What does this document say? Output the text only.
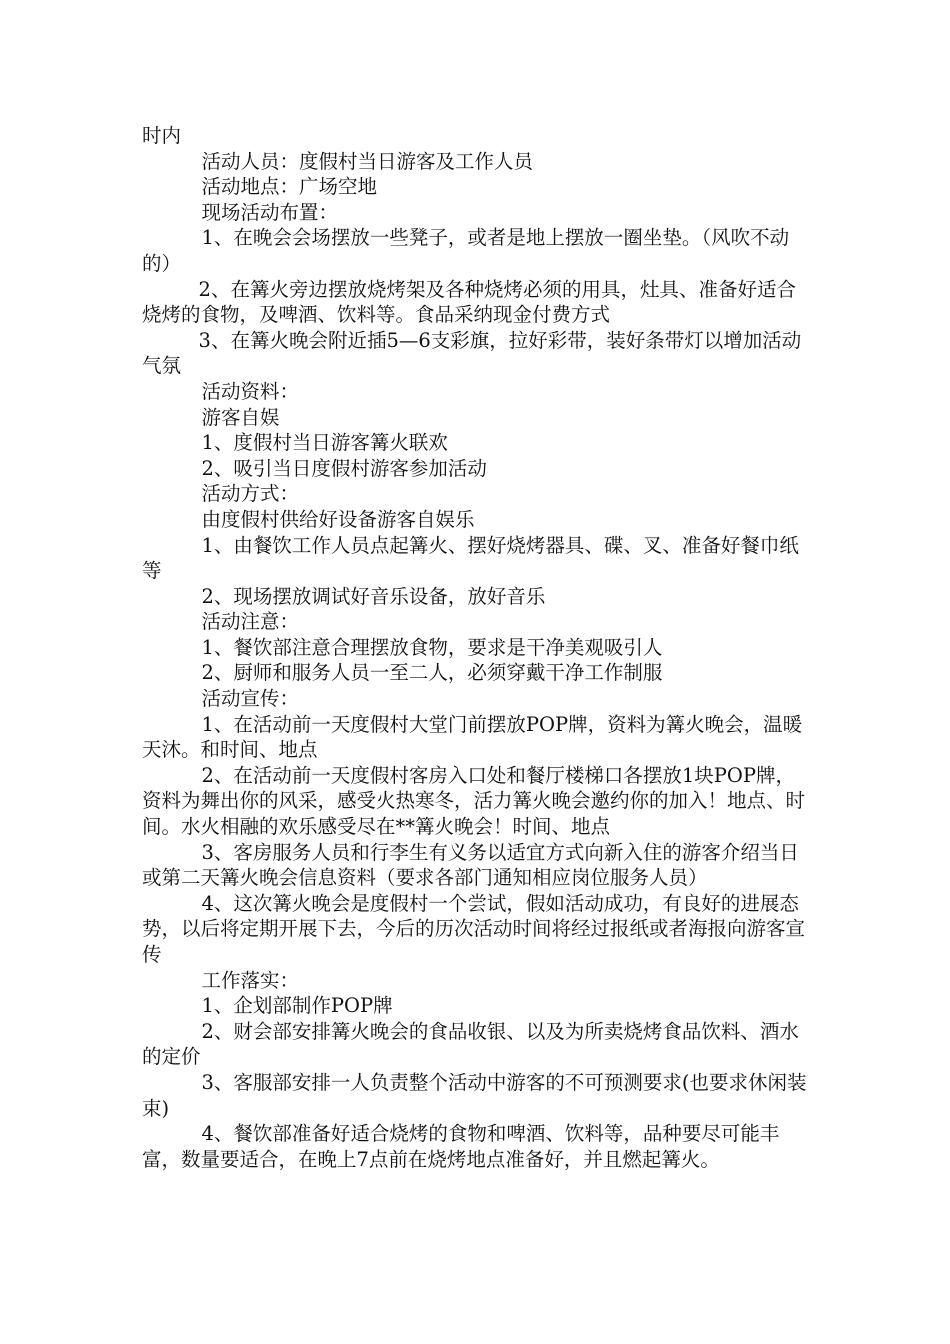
时内

活动人员：度假村当日游客及工作人员

活动地点：广场空地

现场活动布置：

1、在晚会会场摆放一些凳子，或者是地上摆放一圈坐垫。（风吹不动的）

2、在篝火旁边摆放烧烤架及各种烧烤必须的用具，灶具、准备好适合烧烤的食物，及啤酒、饮料等。食品采纳现金付费方式

3、在篝火晚会附近插5—6支彩旗，拉好彩带，装好条带灯以增加活动气氛

活动资料：

游客自娱

1、度假村当日游客篝火联欢

2、吸引当日度假村游客参加活动

活动方式：

由度假村供给好设备游客自娱乐

1、由餐饮工作人员点起篝火、摆好烧烤器具、碟、叉、准备好餐巾纸等

2、现场摆放调试好音乐设备，放好音乐

活动注意：

1、餐饮部注意合理摆放食物，要求是干净美观吸引人

2、厨师和服务人员一至二人，必须穿戴干净工作制服

活动宣传：

1、在活动前一天度假村大堂门前摆放POP牌，资料为篝火晚会，温暖天沐。和时间、地点

2、在活动前一天度假村客房入口处和餐厅楼梯口各摆放1块POP牌，资料为舞出你的风采，感受火热寒冬，活力篝火晚会邀约你的加入！地点、时间。水火相融的欢乐感受尽在**篝火晚会！时间、地点

3、客房服务人员和行李生有义务以适宜方式向新入住的游客介绍当日或第二天篝火晚会信息资料（要求各部门通知相应岗位服务人员）

4、这次篝火晚会是度假村一个尝试，假如活动成功，有良好的进展态势，以后将定期开展下去，今后的历次活动时间将经过报纸或者海报向游客宣传

工作落实：

1、企划部制作POP牌

2、财会部安排篝火晚会的食品收银、以及为所卖烧烤食品饮料、酒水的定价

3、客服部安排一人负责整个活动中游客的不可预测要求(也要求休闲装束)

4、餐饮部准备好适合烧烤的食物和啤酒、饮料等，品种要尽可能丰富，数量要适合，在晚上7点前在烧烤地点准备好，并且燃起篝火。
